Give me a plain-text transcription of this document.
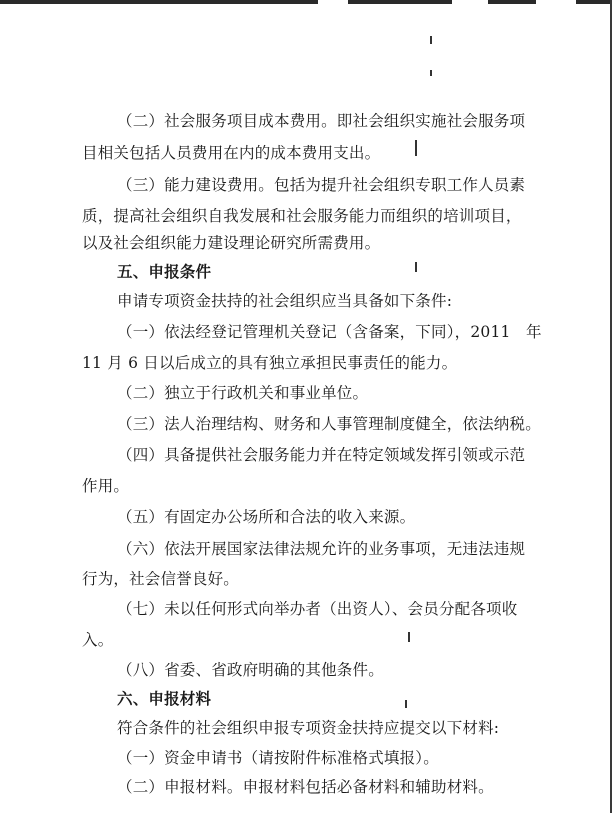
（二）社会服务项目成本费用。即社会组织实施社会服务项
目相关包括人员费用在内的成本费用支出。
（三）能力建设费用。包括为提升社会组织专职工作人员素
质，提高社会组织自我发展和社会服务能力而组织的培训项目，
以及社会组织能力建设理论研究所需费用。
五、申报条件
申请专项资金扶持的社会组织应当具备如下条件:
（一）依法经登记管理机关登记（含备案，下同），2011 年
11 月 6 日以后成立的具有独立承担民事责任的能力。
（二）独立于行政机关和事业单位。
（三）法人治理结构、财务和人事管理制度健全，依法纳税。
（四）具备提供社会服务能力并在特定领域发挥引领或示范
作用。
（五）有固定办公场所和合法的收入来源。
（六）依法开展国家法律法规允许的业务事项，无违法违规
行为，社会信誉良好。
（七）未以任何形式向举办者（出资人）、会员分配各项收
入。
（八）省委、省政府明确的其他条件。
六、申报材料
符合条件的社会组织申报专项资金扶持应提交以下材料:
（一）资金申请书（请按附件标准格式填报）。
（二）申报材料。申报材料包括必备材料和辅助材料。
